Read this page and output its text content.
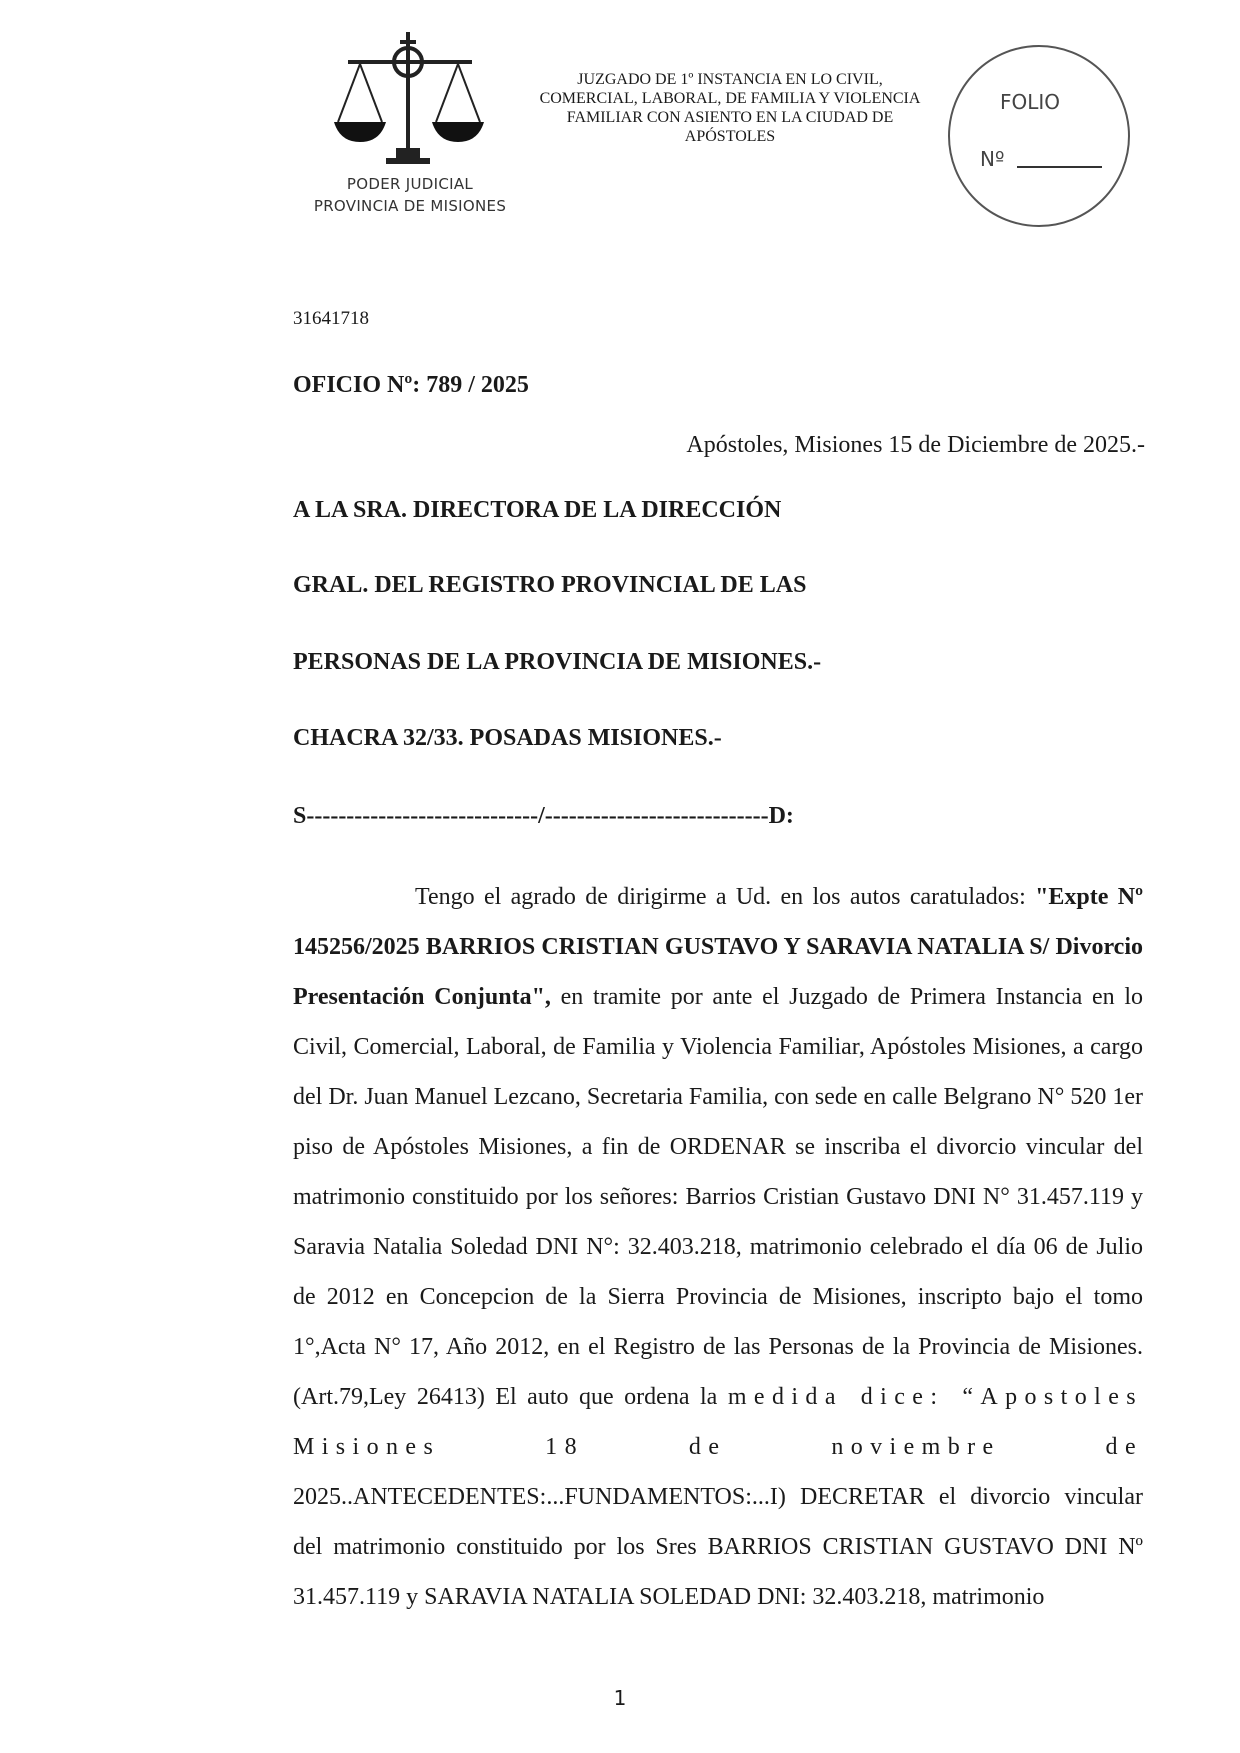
PODER JUDICIAL
PROVINCIA DE MISIONES
JUZGADO DE 1º INSTANCIA EN LO CIVIL,
COMERCIAL, LABORAL, DE FAMILIA Y VIOLENCIA
FAMILIAR CON ASIENTO EN LA CIUDAD DE
APÓSTOLES
FOLIO
Nº
31641718
OFICIO Nº: 789 / 2025
Apóstoles, Misiones 15 de Diciembre de 2025.-
A LA SRA. DIRECTORA DE LA DIRECCIÓN
GRAL. DEL REGISTRO PROVINCIAL DE LAS
PERSONAS DE LA PROVINCIA DE MISIONES.-
CHACRA 32/33. POSADAS MISIONES.-
S-----------------------------/----------------------------D:

Tengo el agrado de dirigirme a Ud. en los autos caratulados: "Expte Nº 145256/2025 BARRIOS CRISTIAN GUSTAVO Y SARAVIA NATALIA S/ Divorcio Presentación Conjunta", en tramite por ante el Juzgado de Primera Instancia en lo Civil, Comercial, Laboral, de Familia y Violencia Familiar, Apóstoles Misiones, a cargo del Dr. Juan Manuel Lezcano, Secretaria Familia, con sede en calle Belgrano N° 520 1er piso de Apóstoles Misiones, a fin de ORDENAR se inscriba el divorcio vincular del matrimonio constituido por los señores: Barrios Cristian Gustavo DNI N° 31.457.119 y Saravia Natalia Soledad DNI N°: 32.403.218, matrimonio celebrado el día 06 de Julio de 2012 en Concepcion de la Sierra Provincia de Misiones, inscripto bajo el tomo 1°,Acta N° 17, Año 2012, en el Registro de las Personas de la Provincia de Misiones. (Art.79,Ley 26413) El auto que ordena la medida dice: “Apostoles Misiones 18 de noviembre de 2025..ANTECEDENTES:...FUNDAMENTOS:...I) DECRETAR el divorcio vincular del matrimonio constituido por los Sres BARRIOS CRISTIAN GUSTAVO DNI Nº 31.457.119 y SARAVIA NATALIA SOLEDAD DNI: 32.403.218, matrimonio

1
